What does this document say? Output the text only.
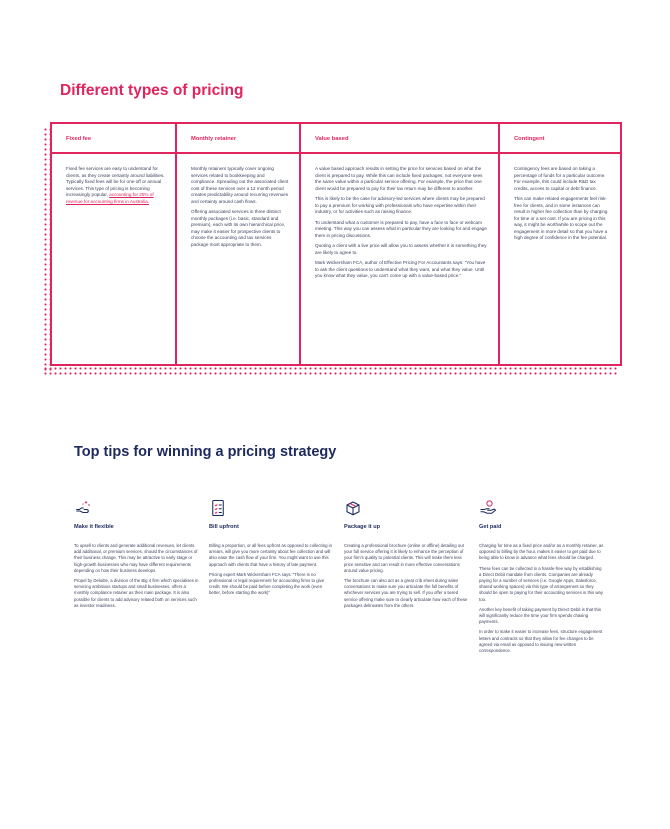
Different types of pricing
Fixed fee

Fixed fee services are easy to understand for clients, as they create certainty around liabilities. Typically fixed fees will be for one-off or annual services. This type of pricing is becoming increasingly popular, accounting for 25% of revenue for accounting firms in Australia.

Monthly retainer

Monthly retainers typically cover ongoing services related to bookkeeping and compliance. Spreading out the associated client cost of these services over a 12 month period creates predictability around recurring revenues and certainty around cash flows.

Offering associated services in three distinct monthly packages (i.e. basic, standard and premium), each with its own hierarchical price, may make it easier for prospective clients to choose the accounting and tax services package most appropriate to them.

Value based

A value based approach results in setting the price for services based on what the client is prepared to pay. While this can include fixed packages, not everyone sees the same value within a particular service offering. For example, the price that one client would be prepared to pay for their tax return may be different to another.

This is likely to be the case for advisory-led services where clients may be prepared to pay a premium for working with professionals who have expertise within their industry, or for activities such as raising finance.

To understand what a customer is prepared to pay, have a face to face or webcam meeting. This way you can assess what in particular they are looking for and engage them in pricing discussions.

Quoting a client with a live price will allow you to assess whether it is something they are likely to agree to.

Mark Wickersham FCA, author of Effective Pricing For Accountants says: “You have to ask the client questions to understand what they want, and what they value. Until you know what they value, you can’t come up with a value-based price.”

Contingent

Contingency fees are based on taking a percentage of funds for a particular outcome. For example, this could include R&D tax credits, access to capital or debt finance.

This can make related engagements feel risk-free for clients, and in some instances can result in higher fee collection than by charging for time or a set cost. If you are pricing in this way, it might be worthwhile to scope out the engagement in more detail so that you have a high degree of confidence in the fee potential.

Top tips for winning a pricing strategy
Make it flexible

To upsell to clients and generate additional revenues, let clients add additional, or premium services, should the circumstances of their business change. This may be attractive to early stage or high-growth businesses who may have different requirements depending on how their business develops.

Propel by Deloitte, a division of the Big 4 firm which specialises in servicing ambitious startups and small businesses, offers a monthly compliance retainer as their main package. It is also possible for clients to add advisory related both on services such as investor readiness.

Bill upfront

Billing a proportion, or all fees upfront as opposed to collecting in arrears, will give you more certainty about fee collection and will also ease the cash flow of your firm. You might want to use this approach with clients that have a history of late payment.

Pricing expert Mark Wickersham FCA says: “There is no professional or legal requirement for accounting firms to give credit. We should be paid before completing the work (even better, before starting the work)”

Package it up

Creating a professional brochure (online or offline) detailing out your full service offering it is likely to enhance the perception of your firm’s quality to potential clients. This will make them less price sensitive and can result in more effective conversations around value pricing.

The brochure can also act as a great crib sheet during sales conversations to make sure you articulate the full benefits of whichever services you are trying to sell. If you offer a tiered service offering make sure to clearly articulate how each of these packages delineates from the others.

Get paid

Charging for time as a fixed price and/or as a monthly retainer, as opposed to billing by the hour, makes it easier to get paid due to being able to know in advance what fees should be charged.

These fees can be collected in a hassle-free way by establishing a Direct Debit mandate from clients. Companies are already paying for a number of services (i.e. Google Apps, Salesforce, shared working spaces) via this type of arrangement so they should be open to paying for their accounting services in this way too.

Another key benefit of taking payment by Direct Debit is that this will significantly reduce the time your firm spends chasing payments.

In order to make it easier to increase fees, structure engagement letters and contracts so that they allow for fee changes to be agreed via email as opposed to issuing new written correspondence.
